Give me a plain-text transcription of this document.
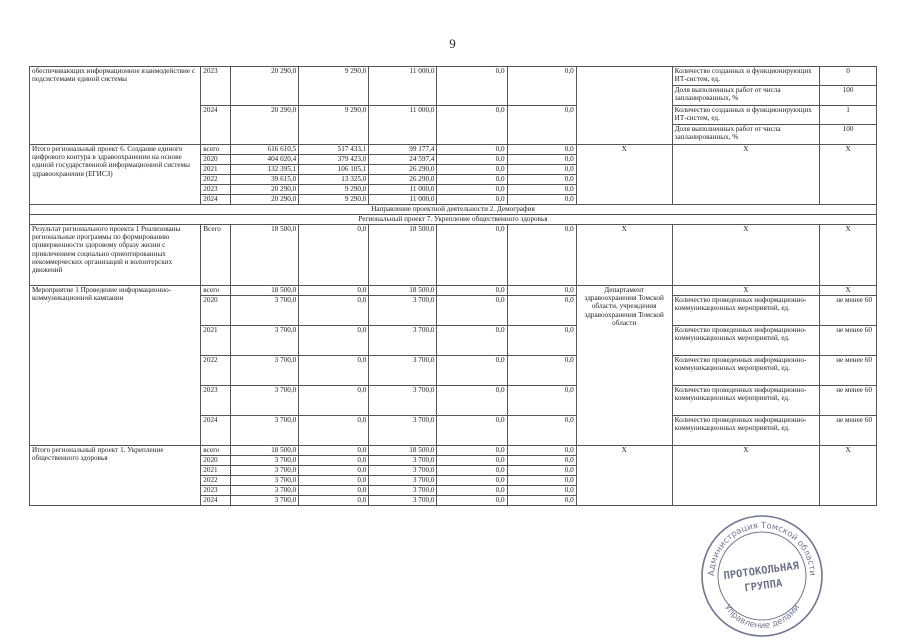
9
обеспечивающих информационное взаимодействие с подсистемами единой системы	2023	20 290,0	9 290,0	11 000,0	0,0	0,0		Количество созданных и функционирующих ИТ-систем, ед.	0
								Доля выполненных работ от числа запланированных, %	100
	2024	20 290,0	9 290,0	11 000,0	0,0	0,0		Количество созданных и функционирующих ИТ-систем, ед.	1
								Доля выполненных работ от числа запланированных, %	100
Итого региональный проект 6. Создание единого цифрового контура в здравоохранении на основе единой государственной информационной системы здравоохранения (ЕГИСЗ)	всего	616 610,5	517 433,1	99 177,4	0,0	0,0	X	X	X
	2020	404 020,4	379 423,0	24 597,4	0,0	0,0			
	2021	132 395,1	106 105,1	26 290,0	0,0	0,0			
	2022	39 615,0	13 325,0	26 290,0	0,0	0,0			
	2023	20 290,0	9 290,0	11 000,0	0,0	0,0			
	2024	20 290,0	9 290,0	11 000,0	0,0	0,0			
Направление проектной деятельности 2. Демография									
Региональный проект 7. Укрепление общественного здоровья									
Результат регионального проекта 1 Реализованы региональные программы по формированию приверженности здоровому образу жизни с привлечением социально ориентированных некоммерческих организаций и волонтерских движений	Всего	18 500,0	0,0	18 500,0	0,0	0,0	X	X	X
Мероприятие 1 Проведение информационно-коммуникационной кампании	всего	18 500,0	0,0	18 500,0	0,0	0,0	Департамент здравоохранения Томской области, учреждения здравоохранения Томской области	X	X
	2020	3 700,0	0,0	3 700,0	0,0	0,0		Количество проведенных информационно-коммуникационных мероприятий, ед.	не менее 60
	2021	3 700,0	0,0	3 700,0	0,0	0,0		Количество проведенных информационно-коммуникационных мероприятий, ед.	не менее 60
	2022	3 700,0	0,0	3 700,0	0,0	0,0		Количество проведенных информационно-коммуникационных мероприятий, ед.	не менее 60
	2023	3 700,0	0,0	3 700,0	0,0	0,0		Количество проведенных информационно-коммуникационных мероприятий, ед.	не менее 60
	2024	3 700,0	0,0	3 700,0	0,0	0,0		Количество проведенных информационно-коммуникационных мероприятий, ед.	не менее 60
Итого региональный проект 1. Укрепление общественного здоровья	всего	18 500,0	0,0	18 500,0	0,0	0,0	X	X	X
	2020	3 700,0	0,0	3 700,0	0,0	0,0			
	2021	3 700,0	0,0	3 700,0	0,0	0,0			
	2022	3 700,0	0,0	3 700,0	0,0	0,0			
	2023	3 700,0	0,0	3 700,0	0,0	0,0			
	2024	3 700,0	0,0	3 700,0	0,0	0,0			
Администрация Томской области
Управление делами
ПРОТОКОЛЬНАЯ
ГРУППА
